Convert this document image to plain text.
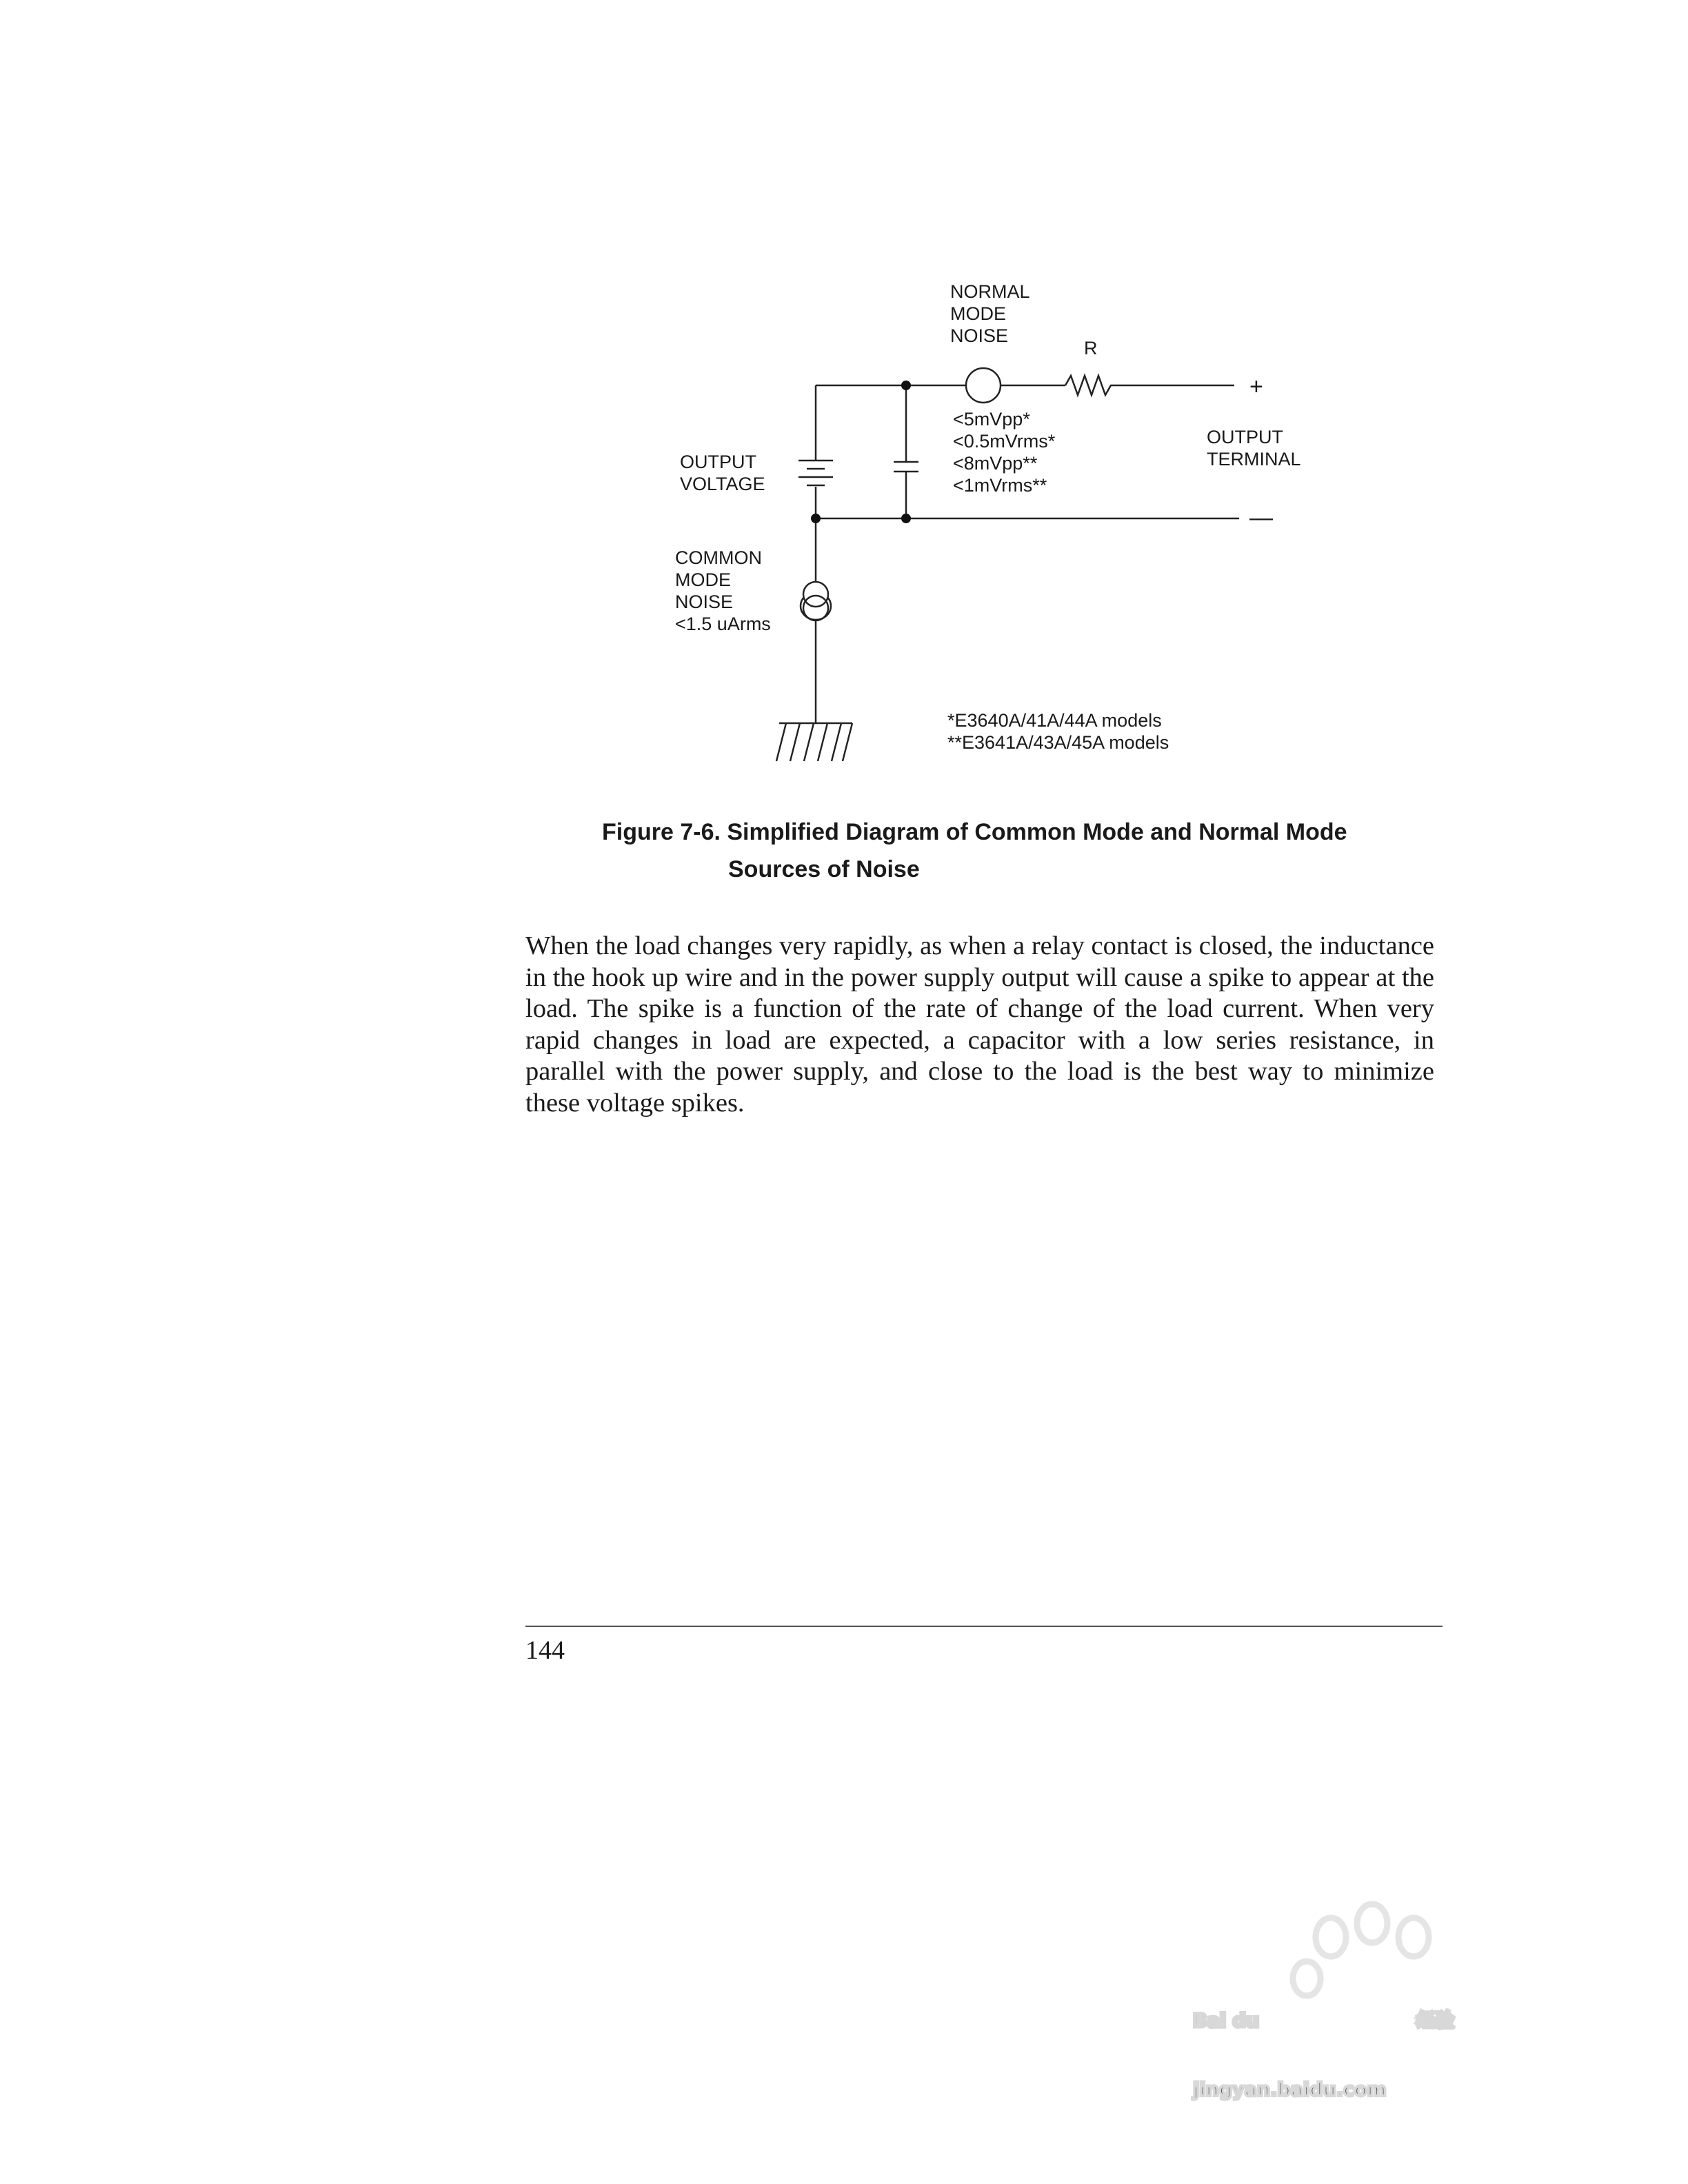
NORMAL
MODE
NOISE
R
+
—
OUTPUT
VOLTAGE
<5mVpp*
<0.5mVrms*
<8mVpp**
<1mVrms**
OUTPUT
TERMINAL
COMMON
MODE
NOISE
<1.5 uArms
*E3640A/41A/44A models
**E3641A/43A/45A models
Figure 7-6. Simplified Diagram of Common Mode and Normal Mode
Sources of Noise
When the load changes very rapidly, as when a relay contact is closed, the inductance in the hook up wire and in the power supply output will cause a spike to appear at the load. The spike is a function of the rate of change of the load current. When very rapid changes in load are expected, a capacitor with a low series resistance, in parallel with the power supply, and close to the load is the best way to minimize these voltage spikes.
144
Bai du	经验
jingyan.baidu.com
